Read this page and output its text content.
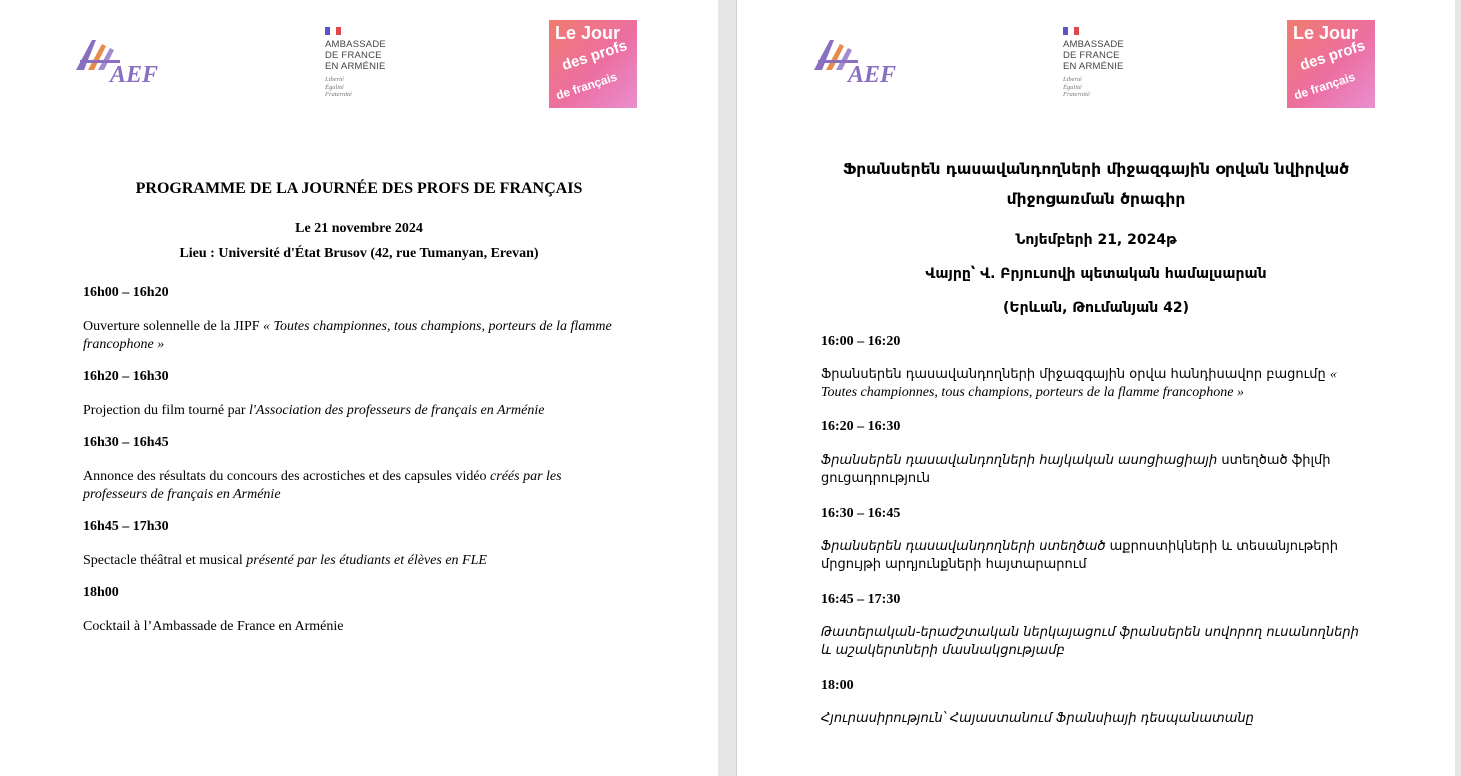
AEF
AMBASSADE
DE FRANCE
EN ARMÉNIE
Liberté
Égalité
Fraternité
Le Jour
des profs
de français
PROGRAMME DE LA JOURNÉE DES PROFS DE FRANÇAIS
Le 21 novembre 2024
Lieu : Université d'État Brusov (42, rue Tumanyan, Erevan)
16h00 – 16h20
Ouverture solennelle de la JIPF « Toutes championnes, tous champions, porteurs de la flamme francophone »
16h20 – 16h30
Projection du film tourné par l'Association des professeurs de français en Arménie
16h30 – 16h45
Annonce des résultats du concours des acrostiches et des capsules vidéo créés par les professeurs de français en Arménie
16h45 – 17h30
Spectacle théâtral et musical présenté par les étudiants et élèves en FLE
18h00
Cocktail à l’Ambassade de France en Arménie
AEF
AMBASSADE
DE FRANCE
EN ARMÉNIE
Liberté
Égalité
Fraternité
Le Jour
des profs
de français
Ֆրանսերեն դասավանդողների միջազգային օրվան նվիրված
միջոցառման ծրագիր
Նոյեմբերի 21, 2024թ
Վայրը՝ Վ. Բրյուսովի պետական համալսարան
(Երևան, Թումանյան 42)
16:00 – 16:20
Ֆրանսերեն դասավանդողների միջազգային օրվա հանդիսավոր բացումը « Toutes championnes, tous champions, porteurs de la flamme francophone »
16:20 – 16:30
Ֆրանսերեն դասավանդողների հայկական ասոցիացիայի ստեղծած ֆիլմի ցուցադրություն
16:30 – 16:45
Ֆրանսերեն դասավանդողների ստեղծած աքրոստիկների և տեսանյութերի մրցույթի արդյունքների հայտարարում
16:45 – 17:30
Թատերական-երաժշտական ներկայացում ֆրանսերեն սովորող ուսանողների և աշակերտների մասնակցությամբ
18:00
Հյուրասիրություն՝ Հայաստանում Ֆրանսիայի դեսպանատանը
